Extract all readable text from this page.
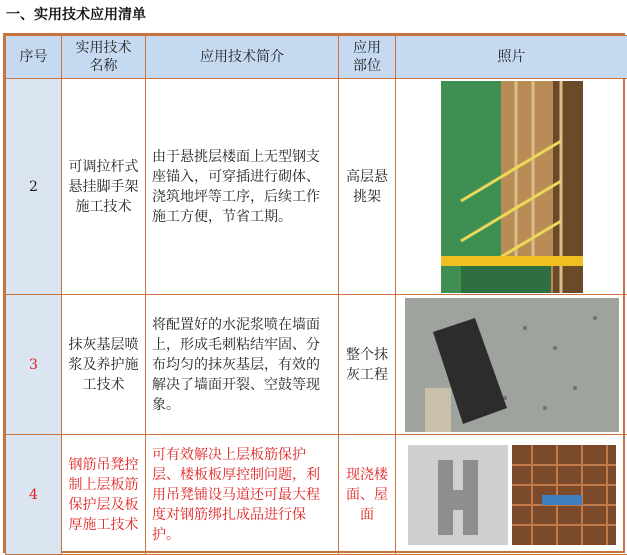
一、实用技术应用清单
序号	实用技术名称	应用技术简介	应用部位	照片
2	可调拉杆式悬挂脚手架施工技术	由于悬挑层楼面上无型钢支座锚入，可穿插进行砌体、浇筑地坪等工序，后续工作施工方便，节省工期。	高层悬挑架	

3	抹灰基层喷浆及养护施工技术	将配置好的水泥浆喷在墙面上，形成毛刺粘结牢固、分布均匀的抹灰基层，有效的解决了墙面开裂、空鼓等现象。	整个抹灰工程	

4	钢筋吊凳控制上层板筋保护层及板厚施工技术	可有效解决上层板筋保护层、楼板板厚控制问题，利用吊凳铺设马道还可最大程度对钢筋绑扎成品进行保护。	现浇楼面、屋面	
